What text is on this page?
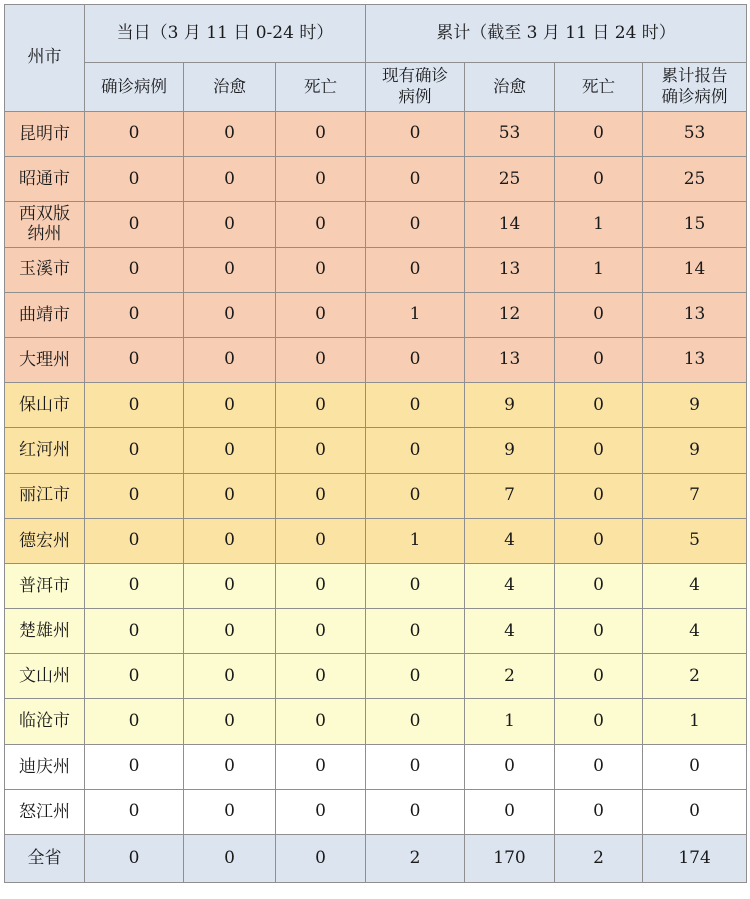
州市	当日（3 月 11 日 0-24 时）			累计（截至 3 月 11 日 24 时）			
	确诊病例	治愈	死亡	现有确诊病例	治愈	死亡	累计报告确诊病例
昆明市	0	0	0	0	53	0	53
昭通市	0	0	0	0	25	0	25
西双版纳州	0	0	0	0	14	1	15
玉溪市	0	0	0	0	13	1	14
曲靖市	0	0	0	1	12	0	13
大理州	0	0	0	0	13	0	13
保山市	0	0	0	0	9	0	9
红河州	0	0	0	0	9	0	9
丽江市	0	0	0	0	7	0	7
德宏州	0	0	0	1	4	0	5
普洱市	0	0	0	0	4	0	4
楚雄州	0	0	0	0	4	0	4
文山州	0	0	0	0	2	0	2
临沧市	0	0	0	0	1	0	1
迪庆州	0	0	0	0	0	0	0
怒江州	0	0	0	0	0	0	0
全省	0	0	0	2	170	2	174
